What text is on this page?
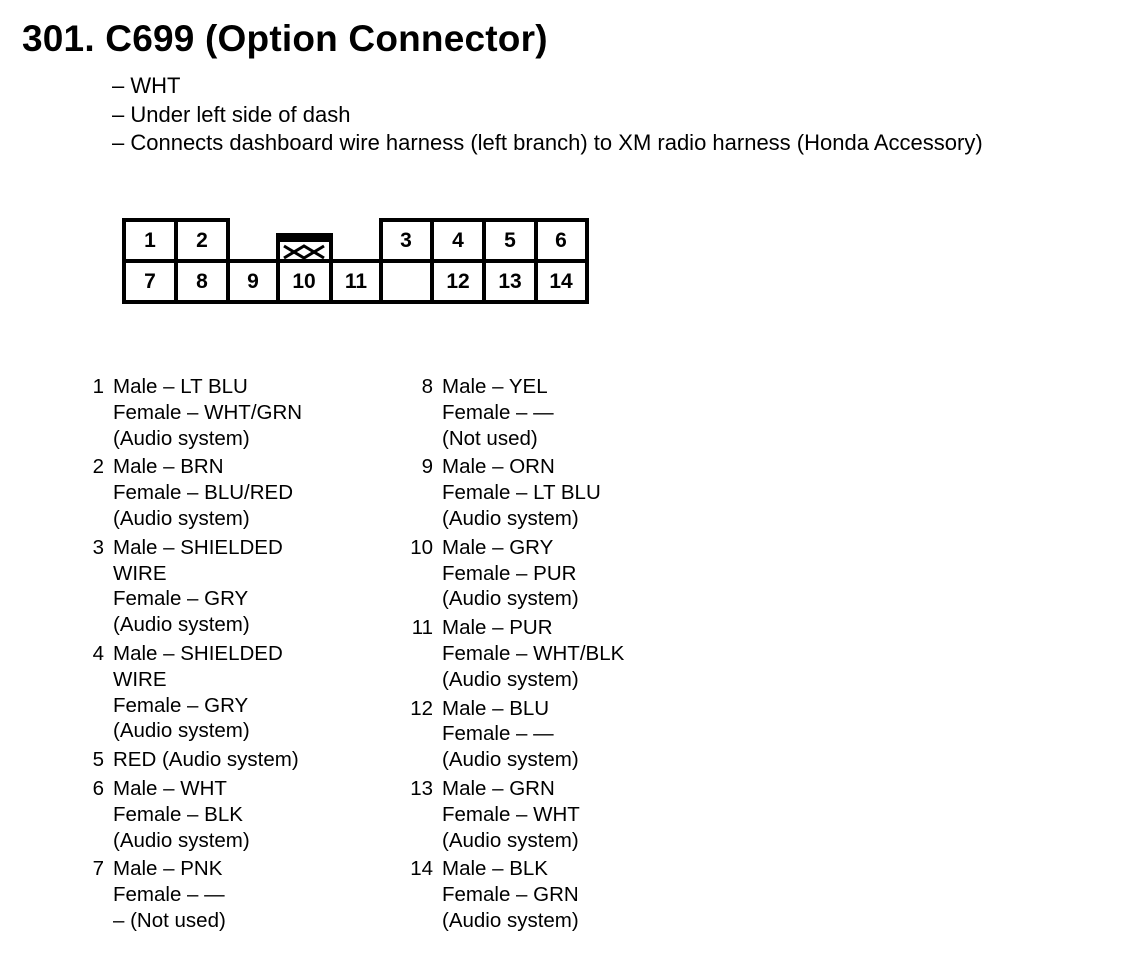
301. C699 (Option Connector)
– WHT
– Under left side of dash
– Connects dashboard wire harness (left branch) to XM radio harness (Honda Accessory)
1 2	3 4 5 6
7 8 9 10 11	12 13 14
1 Male – LT BLU
Female – WHT/GRN
(Audio system)
2 Male – BRN
Female – BLU/RED
(Audio system)
3 Male – SHIELDED
WIRE
Female – GRY
(Audio system)
4 Male – SHIELDED
WIRE
Female – GRY
(Audio system)
5 RED (Audio system)
6 Male – WHT
Female – BLK
(Audio system)
7 Male – PNK
Female – —
– (Not used)
8 Male – YEL
Female – —
(Not used)
9 Male – ORN
Female – LT BLU
(Audio system)
10 Male – GRY
Female – PUR
(Audio system)
11 Male – PUR
Female – WHT/BLK
(Audio system)
12 Male – BLU
Female – —
(Audio system)
13 Male – GRN
Female – WHT
(Audio system)
14 Male – BLK
Female – GRN
(Audio system)
